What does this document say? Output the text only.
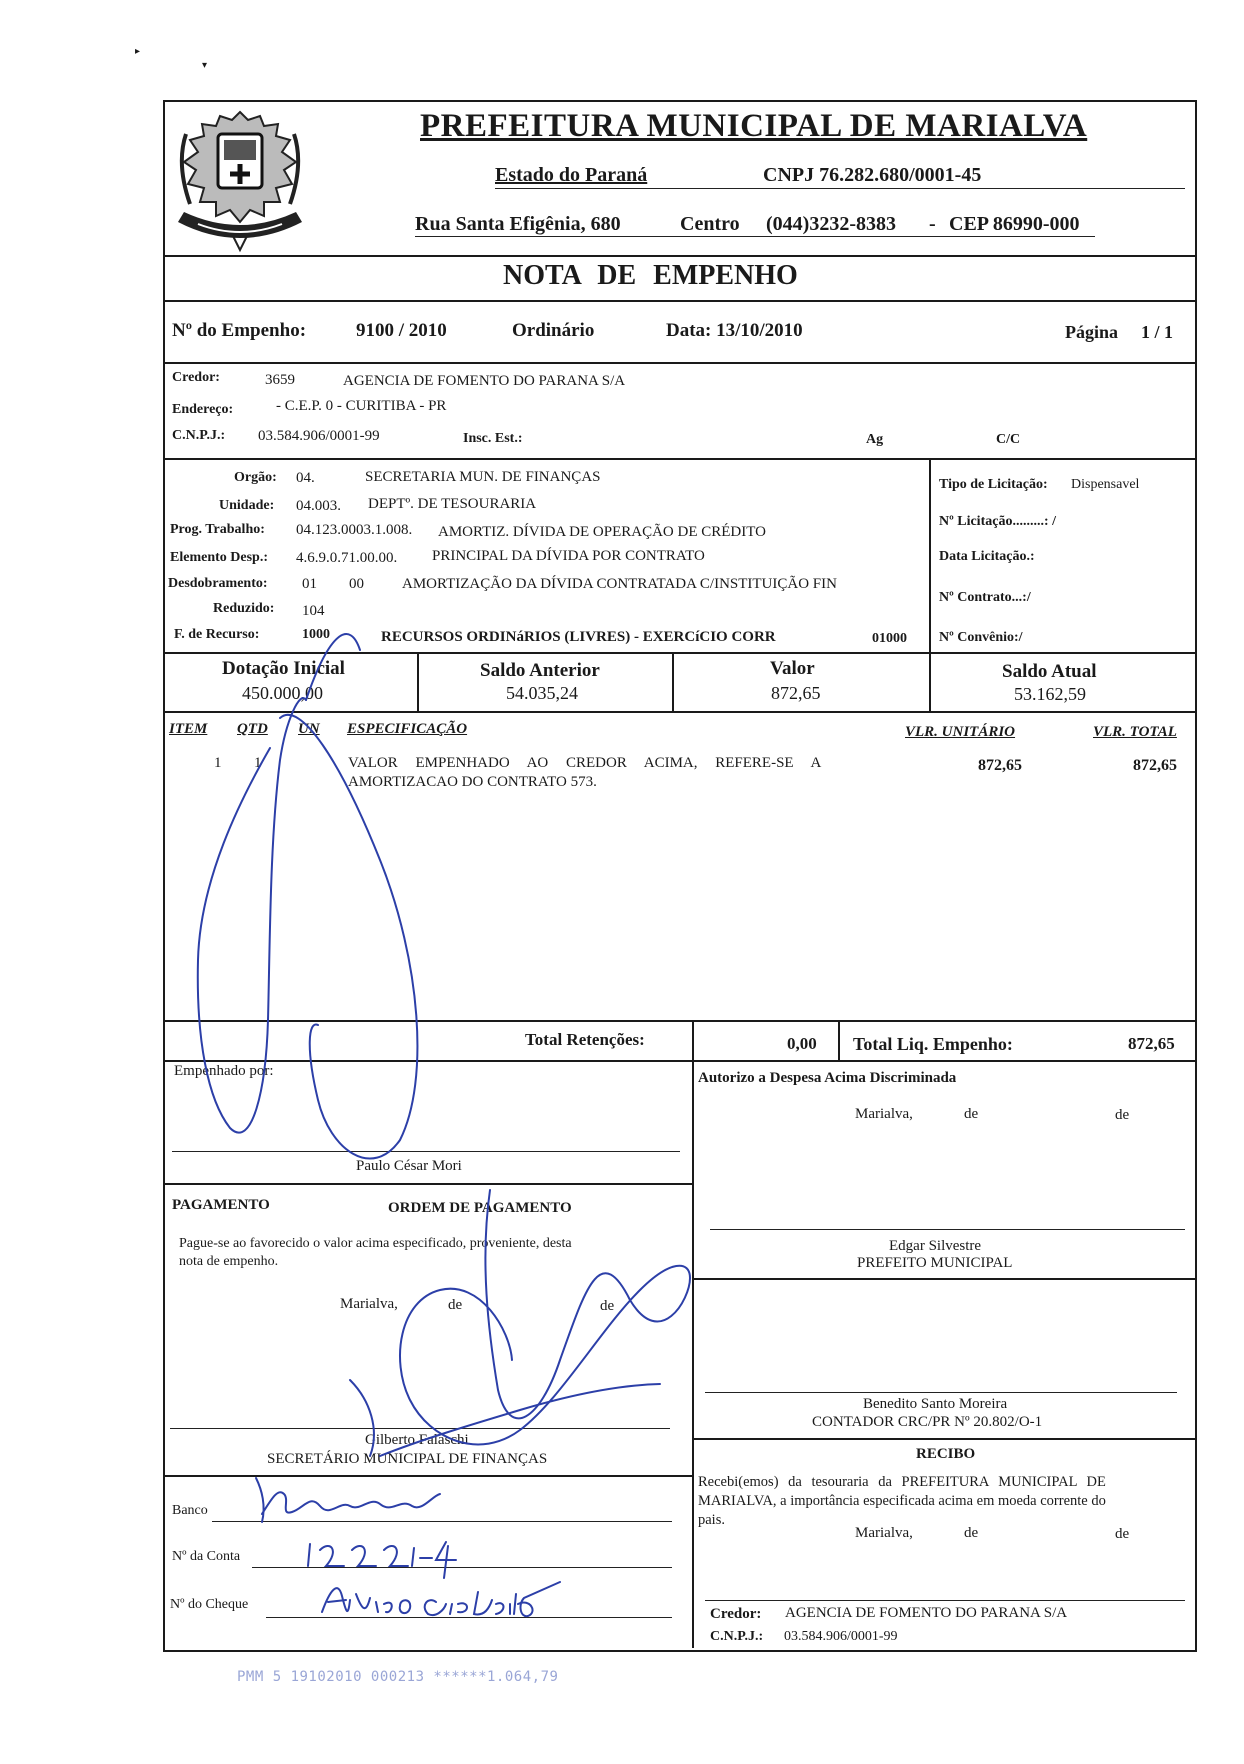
▸
▾
PREFEITURA MUNICIPAL DE MARIALVA
Estado do Paraná	CNPJ 76.282.680/0001-45
Rua Santa Efigênia, 680	Centro (044)3232-8383 - CEP 86990-000
NOTA DE EMPENHO
Nº do Empenho:	9100 / 2010	Ordinário	Data: 13/10/2010	Página 1 / 1
Credor:	3659	AGENCIA DE FOMENTO DO PARANA S/A
Endereço:	- C.E.P. 0 - CURITIBA - PR
C.N.P.J.: 03.584.906/0001-99	Insc. Est.:	Ag	C/C
Orgão: 04.	SECRETARIA MUN. DE FINANÇAS
Unidade: 04.003. DEPTº. DE TESOURARIA
Prog. Trabalho: 04.123.0003.1.008. AMORTIZ. DÍVIDA DE OPERAÇÃO DE CRÉDITO
Elemento Desp.: 4.6.9.0.71.00.00. PRINCIPAL DA DÍVIDA POR CONTRATO
Desdobramento: 01 00	AMORTIZAÇÃO DA DÍVIDA CONTRATADA C/INSTITUIÇÃO FIN
Reduzido: 104
F. de Recurso:	1000	RECURSOS ORDINáRIOS (LIVRES) - EXERCíCIO CORR	01000
Tipo de Licitação: Dispensavel
Nº Licitação.........: /
Data Licitação.:
Nº Contrato...:/
Nº Convênio:/
Dotação Inicial
450.000,00
Saldo Anterior
54.035,24
Valor
872,65
Saldo Atual
53.162,59
ITEM QTD UN ESPECIFICAÇÃO	VLR. UNITÁRIO	VLR. TOTAL
1 1	VALOR EMPENHADO AO CREDOR ACIMA, REFERE-SE A
AMORTIZACAO DO CONTRATO 573.
872,65	872,65
Total Retenções:	0,00 Total Liq. Empenho:	872,65
Empenhado por:
Paulo César Mori
Autorizo a Despesa Acima Discriminada
Marialva,	de	de
Edgar Silvestre
PREFEITO MUNICIPAL
Benedito Santo Moreira
CONTADOR CRC/PR Nº 20.802/O-1
PAGAMENTO	ORDEM DE PAGAMENTO
Pague-se ao favorecido o valor acima especificado, proveniente, desta
nota de empenho.
Marialva,	de	de
Gilberto Falaschi
SECRETÁRIO MUNICIPAL DE FINANÇAS
Banco
Nº da Conta
Nº do Cheque
RECIBO
Recebi(emos) da tesouraria da PREFEITURA MUNICIPAL DE
MARIALVA, a importância especificada acima em moeda corrente do
pais.
Marialva,	de	de
Credor: AGENCIA DE FOMENTO DO PARANA S/A
C.N.P.J.: 03.584.906/0001-99
PMM 5 19102010 000213 ******1.064,79
